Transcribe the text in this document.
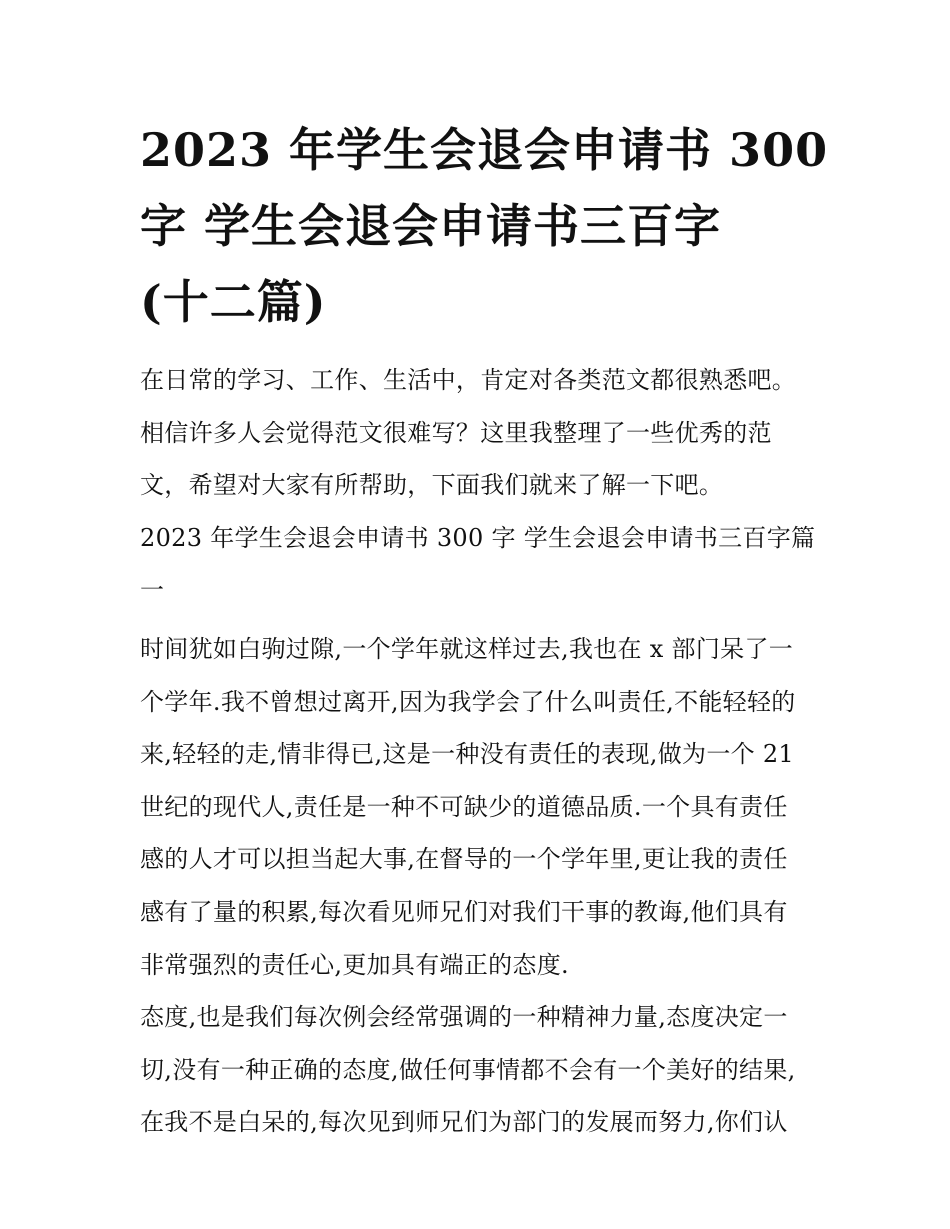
2023 年学生会退会申请书 300
字 学生会退会申请书三百字
(十二篇)
在日常的学习、工作、生活中，肯定对各类范文都很熟悉吧。
相信许多人会觉得范文很难写？这里我整理了一些优秀的范
文，希望对大家有所帮助，下面我们就来了解一下吧。
2023 年学生会退会申请书 300 字 学生会退会申请书三百字篇
一
时间犹如白驹过隙,一个学年就这样过去,我也在 x 部门呆了一
个学年.我不曾想过离开,因为我学会了什么叫责任,不能轻轻的
来,轻轻的走,情非得已,这是一种没有责任的表现,做为一个 21
世纪的现代人,责任是一种不可缺少的道德品质.一个具有责任
感的人才可以担当起大事,在督导的一个学年里,更让我的责任
感有了量的积累,每次看见师兄们对我们干事的教诲,他们具有
非常强烈的责任心,更加具有端正的态度.
态度,也是我们每次例会经常强调的一种精神力量,态度决定一
切,没有一种正确的态度,做任何事情都不会有一个美好的结果,
在我不是白呆的,每次见到师兄们为部门的发展而努力,你们认
